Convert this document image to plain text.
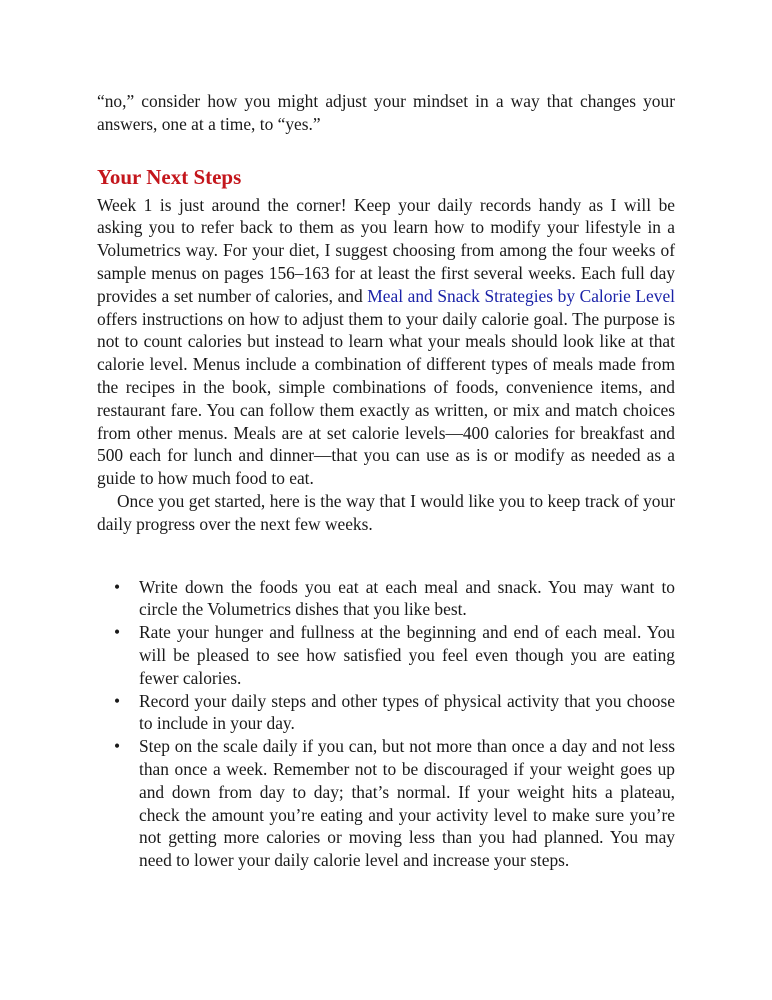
“no,” consider how you might adjust your mindset in a way that changes your answers, one at a time, to “yes.”

Your Next Steps

Week 1 is just around the corner! Keep your daily records handy as I will be asking you to refer back to them as you learn how to modify your lifestyle in a Volumetrics way. For your diet, I suggest choosing from among the four weeks of sample menus on pages 156–163 for at least the first several weeks. Each full day provides a set number of calories, and Meal and Snack Strategies by Calorie Level offers instructions on how to adjust them to your daily calorie goal. The purpose is not to count calories but instead to learn what your meals should look like at that calorie level. Menus include a combination of different types of meals made from the recipes in the book, simple combinations of foods, convenience items, and restaurant fare. You can follow them exactly as written, or mix and match choices from other menus. Meals are at set calorie levels—400 calories for breakfast and 500 each for lunch and dinner—that you can use as is or modify as needed as a guide to how much food to eat.

Once you get started, here is the way that I would like you to keep track of your daily progress over the next few weeks.

• Write down the foods you eat at each meal and snack. You may want to circle the Volumetrics dishes that you like best.
• Rate your hunger and fullness at the beginning and end of each meal. You will be pleased to see how satisfied you feel even though you are eating fewer calories.
• Record your daily steps and other types of physical activity that you choose to include in your day.
• Step on the scale daily if you can, but not more than once a day and not less than once a week. Remember not to be discouraged if your weight goes up and down from day to day; that’s normal. If your weight hits a plateau, check the amount you’re eating and your activity level to make sure you’re not getting more calories or moving less than you had planned. You may need to lower your daily calorie level and increase your steps.
